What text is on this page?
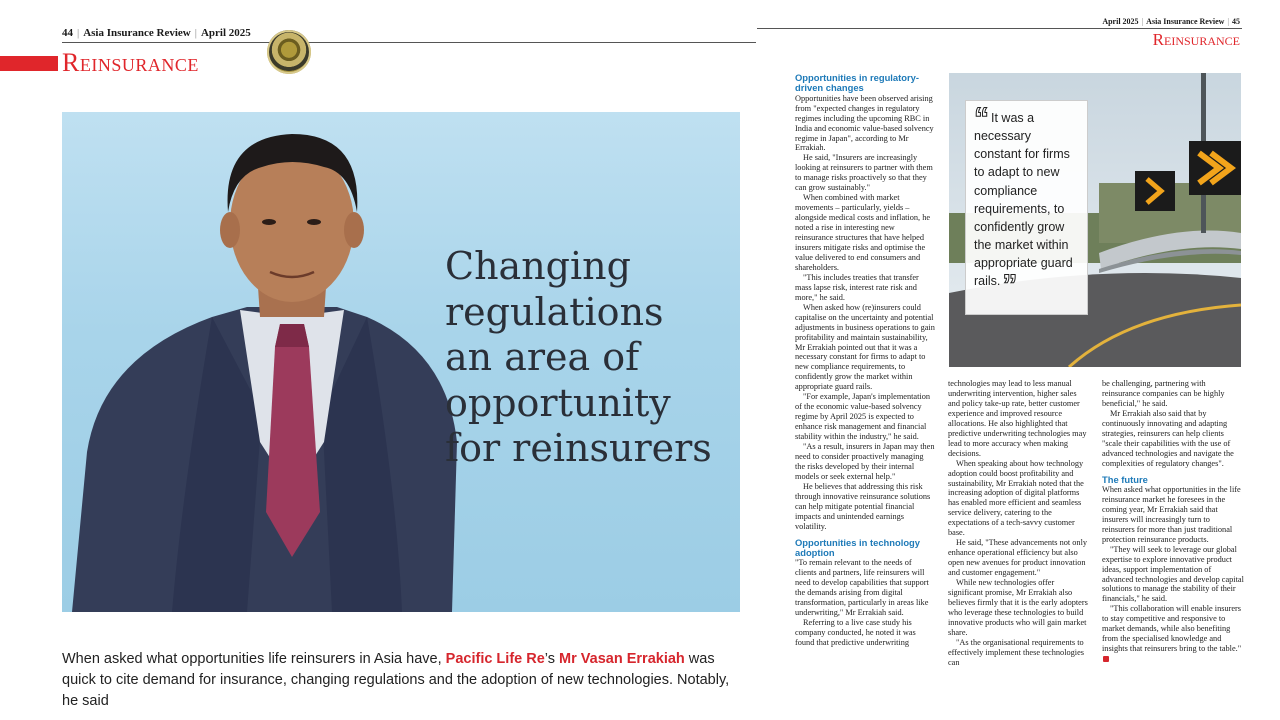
44 | Asia Insurance Review | April 2025
Reinsurance
Changing
regulations
an area of
opportunity
for reinsurers
When asked what opportunities life reinsurers in Asia have, Pacific Life Re’s Mr Vasan Errakiah was quick to cite demand for insurance, changing regulations and the adoption of new technologies. Notably, he said
April 2025 | Asia Insurance Review | 45
Reinsurance
Opportunities in regulatory-driven changes

Opportunities have been observed arising from "expected changes in regulatory regimes including the upcoming RBC in India and economic value-based solvency regime in Japan", according to Mr Errakiah.

He said, "Insurers are increasingly looking at reinsurers to partner with them to manage risks proactively so that they can grow sustainably."

When combined with market movements – particularly, yields – alongside medical costs and inflation, he noted a rise in interesting new reinsurance structures that have helped insurers mitigate risks and optimise the value delivered to end consumers and shareholders.

"This includes treaties that transfer mass lapse risk, interest rate risk and more," he said.

When asked how (re)insurers could capitalise on the uncertainty and potential adjustments in business operations to gain profitability and maintain sustainability, Mr Errakiah pointed out that it was a necessary constant for firms to adapt to new compliance requirements, to confidently grow the market within appropriate guard rails.

"For example, Japan's implementation of the economic value-based solvency regime by April 2025 is expected to enhance risk management and financial stability within the industry," he said.

"As a result, insurers in Japan may then need to consider proactively managing the risks developed by their internal models or seek external help."

He believes that addressing this risk through innovative reinsurance solutions can help mitigate potential financial impacts and unintended earnings volatility.

Opportunities in technology adoption

"To remain relevant to the needs of clients and partners, life reinsurers will need to develop capabilities that support the demands arising from digital transformation, particularly in areas like underwriting," Mr Errakiah said.

Referring to a live case study his company conducted, he noted it was found that predictive underwriting

“ It was a necessary constant for firms to adapt to new compliance requirements, to confidently grow the market within appropriate guard rails.”

technologies may lead to less manual underwriting intervention, higher sales and policy take-up rate, better customer experience and improved resource allocations. He also highlighted that predictive underwriting technologies may lead to more accuracy when making decisions.

When speaking about how technology adoption could boost profitability and sustainability, Mr Errakiah noted that the increasing adoption of digital platforms has enabled more efficient and seamless service delivery, catering to the expectations of a tech-savvy customer base.

He said, "These advancements not only enhance operational efficiency but also open new avenues for product innovation and customer engagement."

While new technologies offer significant promise, Mr Errakiah also believes firmly that it is the early adopters who leverage these technologies to build innovative products who will gain market share.

"As the organisational requirements to effectively implement these technologies can

be challenging, partnering with reinsurance companies can be highly beneficial," he said.

Mr Errakiah also said that by continuously innovating and adapting strategies, reinsurers can help clients "scale their capabilities with the use of advanced technologies and navigate the complexities of regulatory changes".

The future

When asked what opportunities in the life reinsurance market he foresees in the coming year, Mr Errakiah said that insurers will increasingly turn to reinsurers for more than just traditional protection reinsurance products.

"They will seek to leverage our global expertise to explore innovative product ideas, support implementation of advanced technologies and develop capital solutions to manage the stability of their financials," he said.

"This collaboration will enable insurers to stay competitive and responsive to market demands, while also benefiting from the specialised knowledge and insights that reinsurers bring to the table."
